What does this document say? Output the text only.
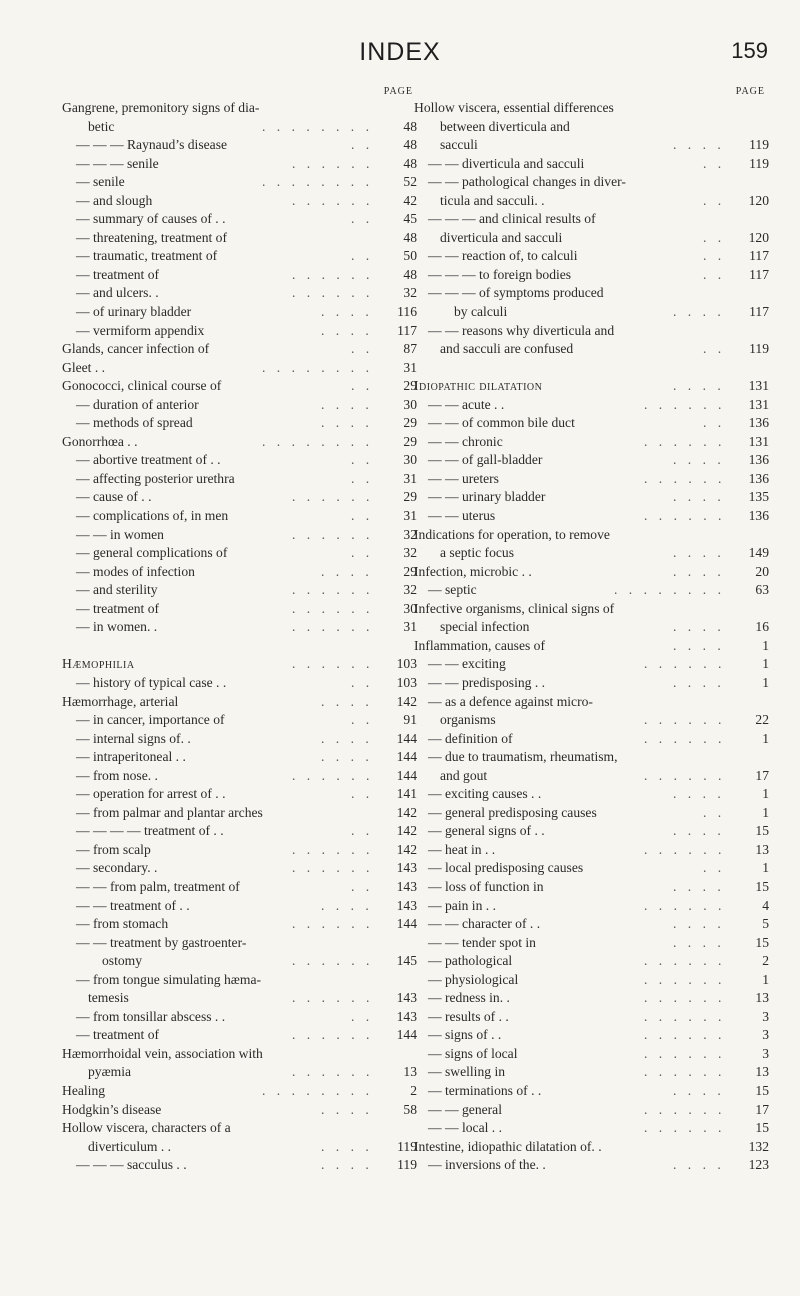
INDEX	159
PAGE
Gangrene, premonitory signs of dia-
betic	. . . . . . . .	48
— — — Raynaud’s disease	. .	48
— — — senile	. . . . . .	48
— senile	. . . . . . . .	52
— and slough	. . . . . .	42
— summary of causes of . .	. .	45
— threatening, treatment of	48
— traumatic, treatment of	. .	50
— treatment of	. . . . . .	48
— and ulcers. .	. . . . . .	32
— of urinary bladder	. . . .	116
— vermiform appendix	. . . .	117
Glands, cancer infection of	. .	87
Gleet . .	. . . . . . . .	31
Gonococci, clinical course of	. .	29
— duration of anterior	. . . .	30
— methods of spread	. . . .	29
Gonorrhœa . .	. . . . . . . .	29
— abortive treatment of . .	. .	30
— affecting posterior urethra	. .	31
— cause of . .	. . . . . .	29
— complications of, in men	. .	31
— — in women	. . . . . .	32
— general complications of	. .	32
— modes of infection	. . . .	29
— and sterility	. . . . . .	32
— treatment of	. . . . . .	30
— in women. .	. . . . . .	31
Hæmophilia	. . . . . .	103
— history of typical case . .	. .	103
Hæmorrhage, arterial	. . . .	142
— in cancer, importance of	. .	91
— internal signs of. .	. . . .	144
— intraperitoneal . .	. . . .	144
— from nose. .	. . . . . .	144
— operation for arrest of . .	. .	141
— from palmar and plantar arches	142
— — — — treatment of . .	. .	142
— from scalp	. . . . . .	142
— secondary. .	. . . . . .	143
— — from palm, treatment of	. .	143
— — treatment of . .	. . . .	143
— from stomach	. . . . . .	144
— — treatment by gastroenter-
ostomy	. . . . . .	145
— from tongue simulating hæma-
temesis	. . . . . .	143
— from tonsillar abscess . .	. .	143
— treatment of	. . . . . .	144
Hæmorrhoidal vein, association with
pyæmia	. . . . . .	13
Healing	. . . . . . . .	2
Hodgkin’s disease	. . . .	58
Hollow viscera, characters of a
diverticulum . .	. . . .	119
— — — sacculus . .	. . . .	119
PAGE
Hollow viscera, essential differences
between diverticula and
sacculi	. . . .	119
— — diverticula and sacculi	. .	119
— — pathological changes in diver-
ticula and sacculi. .	. .	120
— — — and clinical results of
diverticula and sacculi	. .	120
— — reaction of, to calculi	. .	117
— — — to foreign bodies	. .	117
— — — of symptoms produced
by calculi	. . . .	117
— — reasons why diverticula and
and sacculi are confused	. .	119
Idiopathic dilatation	. . . .	131
— — acute . .	. . . . . .	131
— — of common bile duct	. .	136
— — chronic	. . . . . .	131
— — of gall-bladder	. . . .	136
— — ureters	. . . . . .	136
— — urinary bladder	. . . .	135
— — uterus	. . . . . .	136
Indications for operation, to remove
a septic focus	. . . .	149
Infection, microbic . .	. . . .	20
— septic	. . . . . . . .	63
Infective organisms, clinical signs of
special infection	. . . .	16
Inflammation, causes of	. . . .	1
— — exciting	. . . . . .	1
— — predisposing . .	. . . .	1
— as a defence against micro-
organisms	. . . . . .	22
— definition of	. . . . . .	1
— due to traumatism, rheumatism,
and gout	. . . . . .	17
— exciting causes . .	. . . .	1
— general predisposing causes	. .	1
— general signs of . .	. . . .	15
— heat in . .	. . . . . .	13
— local predisposing causes	. .	1
— loss of function in	. . . .	15
— pain in . .	. . . . . .	4
— — character of . .	. . . .	5
— — tender spot in	. . . .	15
— pathological	. . . . . .	2
— physiological	. . . . . .	1
— redness in. .	. . . . . .	13
— results of . .	. . . . . .	3
— signs of . .	. . . . . .	3
— signs of local	. . . . . .	3
— swelling in	. . . . . .	13
— terminations of . .	. . . .	15
— — general	. . . . . .	17
— — local . .	. . . . . .	15
Intestine, idiopathic dilatation of. .	132
— inversions of the. .	. . . .	123
